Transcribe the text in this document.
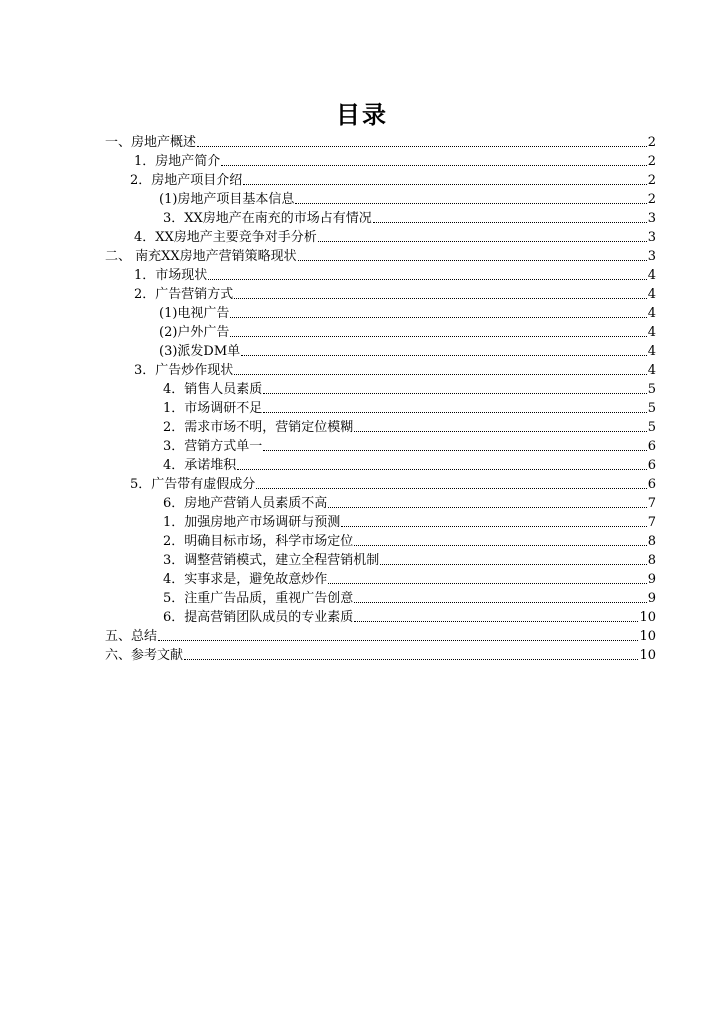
目录
一、房地产概述	2
1．房地产简介	2
2．房地产项目介绍	2
(1)房地产项目基本信息	2
3．XX房地产在南充的市场占有情况	3
4．XX房地产主要竞争对手分析	3
二、 南充XX房地产营销策略现状	3
1．市场现状	4
2．广告营销方式	4
(1)电视广告	4
(2)户外广告	4
(3)派发DM单	4
3．广告炒作现状	4
4．销售人员素质	5
1．市场调研不足	5
2．需求市场不明，营销定位模糊	5
3．营销方式单一	6
4．承诺堆积	6
5．广告带有虚假成分	6
6．房地产营销人员素质不高	7
1．加强房地产市场调研与预测	7
2．明确目标市场，科学市场定位	8
3．调整营销模式，建立全程营销机制	8
4．实事求是，避免故意炒作	9
5．注重广告品质，重视广告创意	9
6．提高营销团队成员的专业素质	10
五、总结	10
六、参考文献	10
